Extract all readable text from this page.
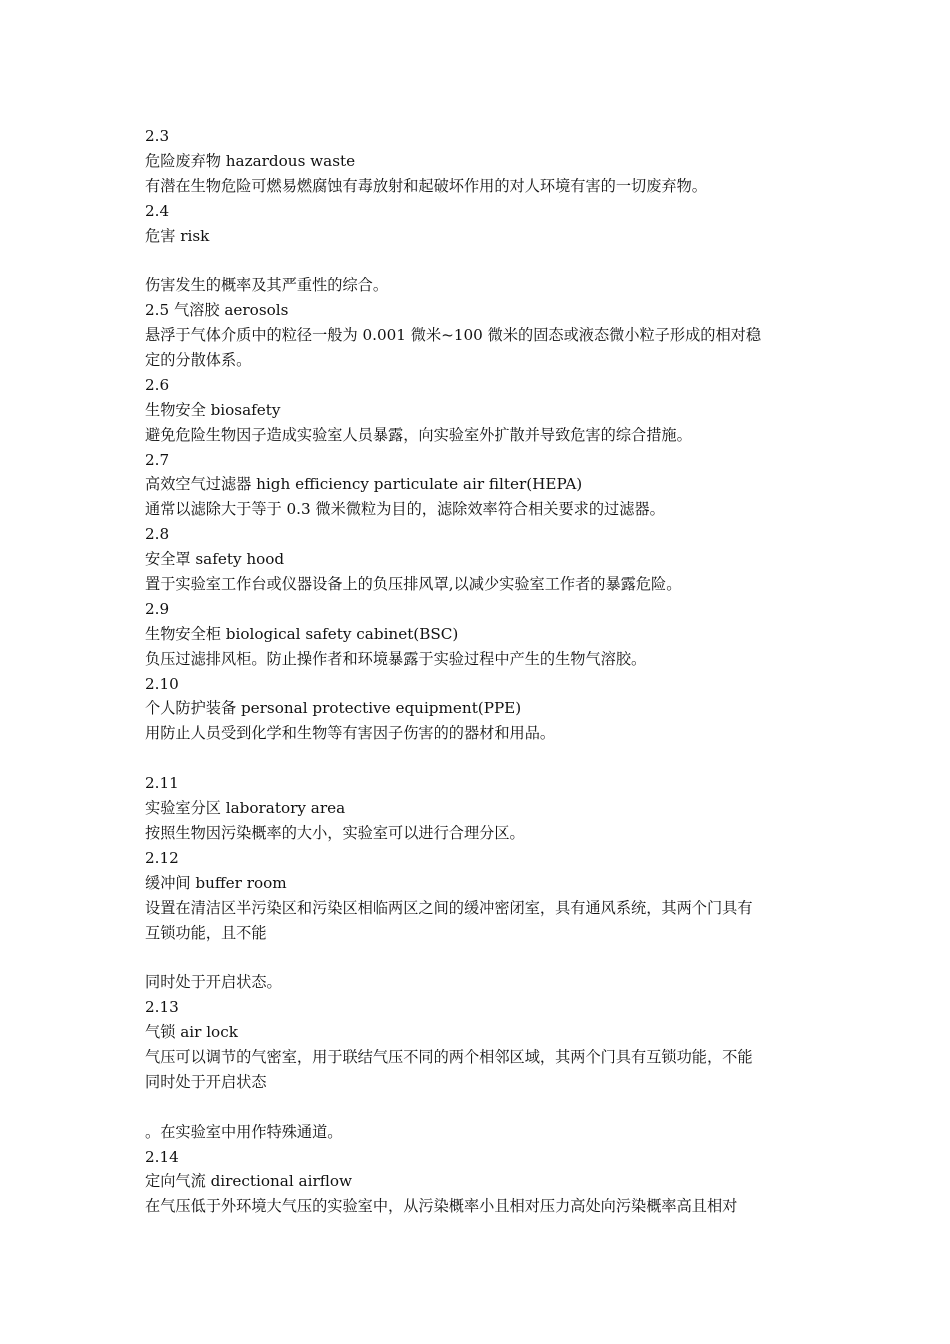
2.3
危险废弃物 hazardous waste
有潜在生物危险可燃易燃腐蚀有毒放射和起破坏作用的对人环境有害的一切废弃物。
2.4
危害 risk
伤害发生的概率及其严重性的综合。
2.5 气溶胶 aerosols
悬浮于气体介质中的粒径一般为 0.001 微米~100 微米的固态或液态微小粒子形成的相对稳
定的分散体系。
2.6
生物安全 biosafety
避免危险生物因子造成实验室人员暴露，向实验室外扩散并导致危害的综合措施。
2.7
高效空气过滤器 high efficiency particulate air filter(HEPA)
通常以滤除大于等于 0.3 微米微粒为目的，滤除效率符合相关要求的过滤器。
2.8
安全罩 safety hood
置于实验室工作台或仪器设备上的负压排风罩,以减少实验室工作者的暴露危险。
2.9
生物安全柜 biological safety cabinet(BSC)
负压过滤排风柜。防止操作者和环境暴露于实验过程中产生的生物气溶胶。
2.10
个人防护装备 personal protective equipment(PPE)
用防止人员受到化学和生物等有害因子伤害的的器材和用品。
2.11
实验室分区 laboratory area
按照生物因污染概率的大小，实验室可以进行合理分区。
2.12
缓冲间 buffer room
设置在清洁区半污染区和污染区相临两区之间的缓冲密闭室，具有通风系统，其两个门具有
互锁功能，且不能
同时处于开启状态。
2.13
气锁 air lock
气压可以调节的气密室，用于联结气压不同的两个相邻区域，其两个门具有互锁功能，不能
同时处于开启状态
。在实验室中用作特殊通道。
2.14
定向气流 directional airflow
在气压低于外环境大气压的实验室中，从污染概率小且相对压力高处向污染概率高且相对
